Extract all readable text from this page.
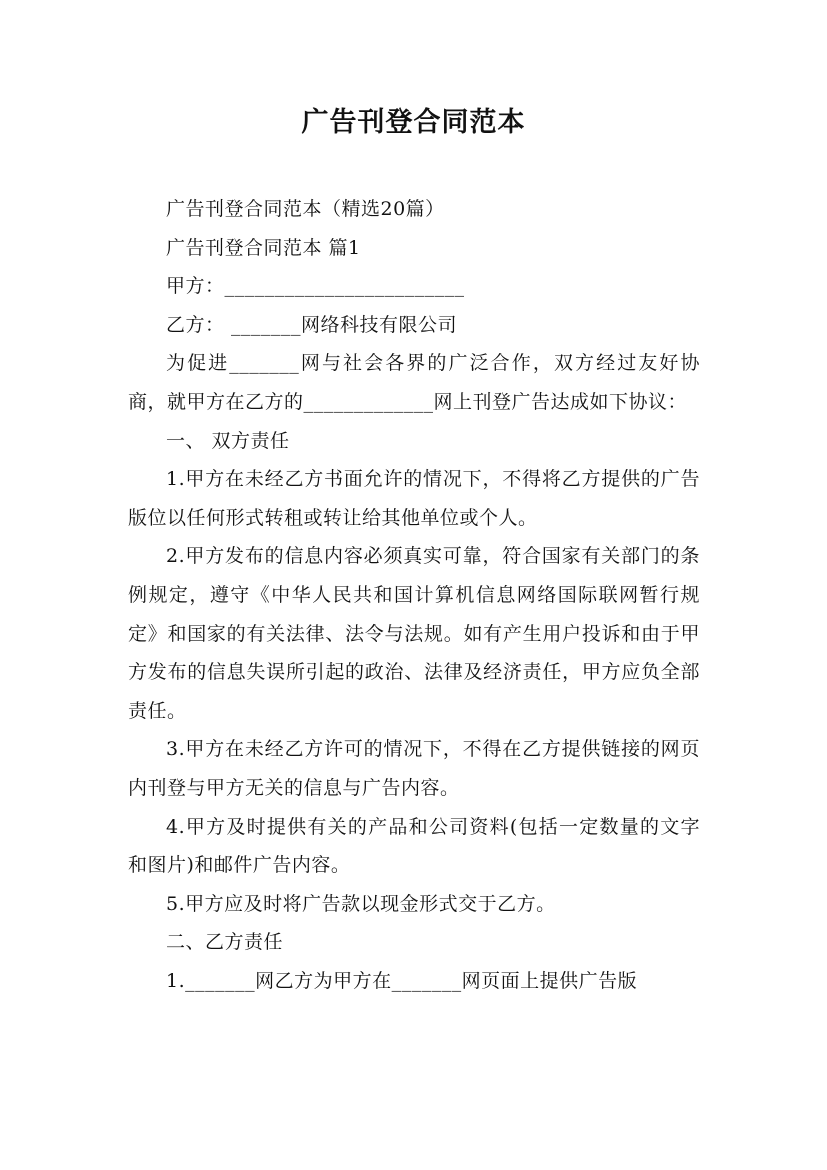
广告刊登合同范本

广告刊登合同范本（精选20篇）

广告刊登合同范本 篇1

甲方：________________________

乙方： _______网络科技有限公司

为促进_______网与社会各界的广泛合作，双方经过友好协商，就甲方在乙方的_____________网上刊登广告达成如下协议：

一、 双方责任

1.甲方在未经乙方书面允许的情况下，不得将乙方提供的广告版位以任何形式转租或转让给其他单位或个人。

2.甲方发布的信息内容必须真实可靠，符合国家有关部门的条例规定，遵守《中华人民共和国计算机信息网络国际联网暂行规定》和国家的有关法律、法令与法规。如有产生用户投诉和由于甲方发布的信息失误所引起的政治、法律及经济责任，甲方应负全部责任。

3.甲方在未经乙方许可的情况下，不得在乙方提供链接的网页内刊登与甲方无关的信息与广告内容。

4.甲方及时提供有关的产品和公司资料(包括一定数量的文字和图片)和邮件广告内容。

5.甲方应及时将广告款以现金形式交于乙方。

二、乙方责任

1._______网乙方为甲方在_______网页面上提供广告版
